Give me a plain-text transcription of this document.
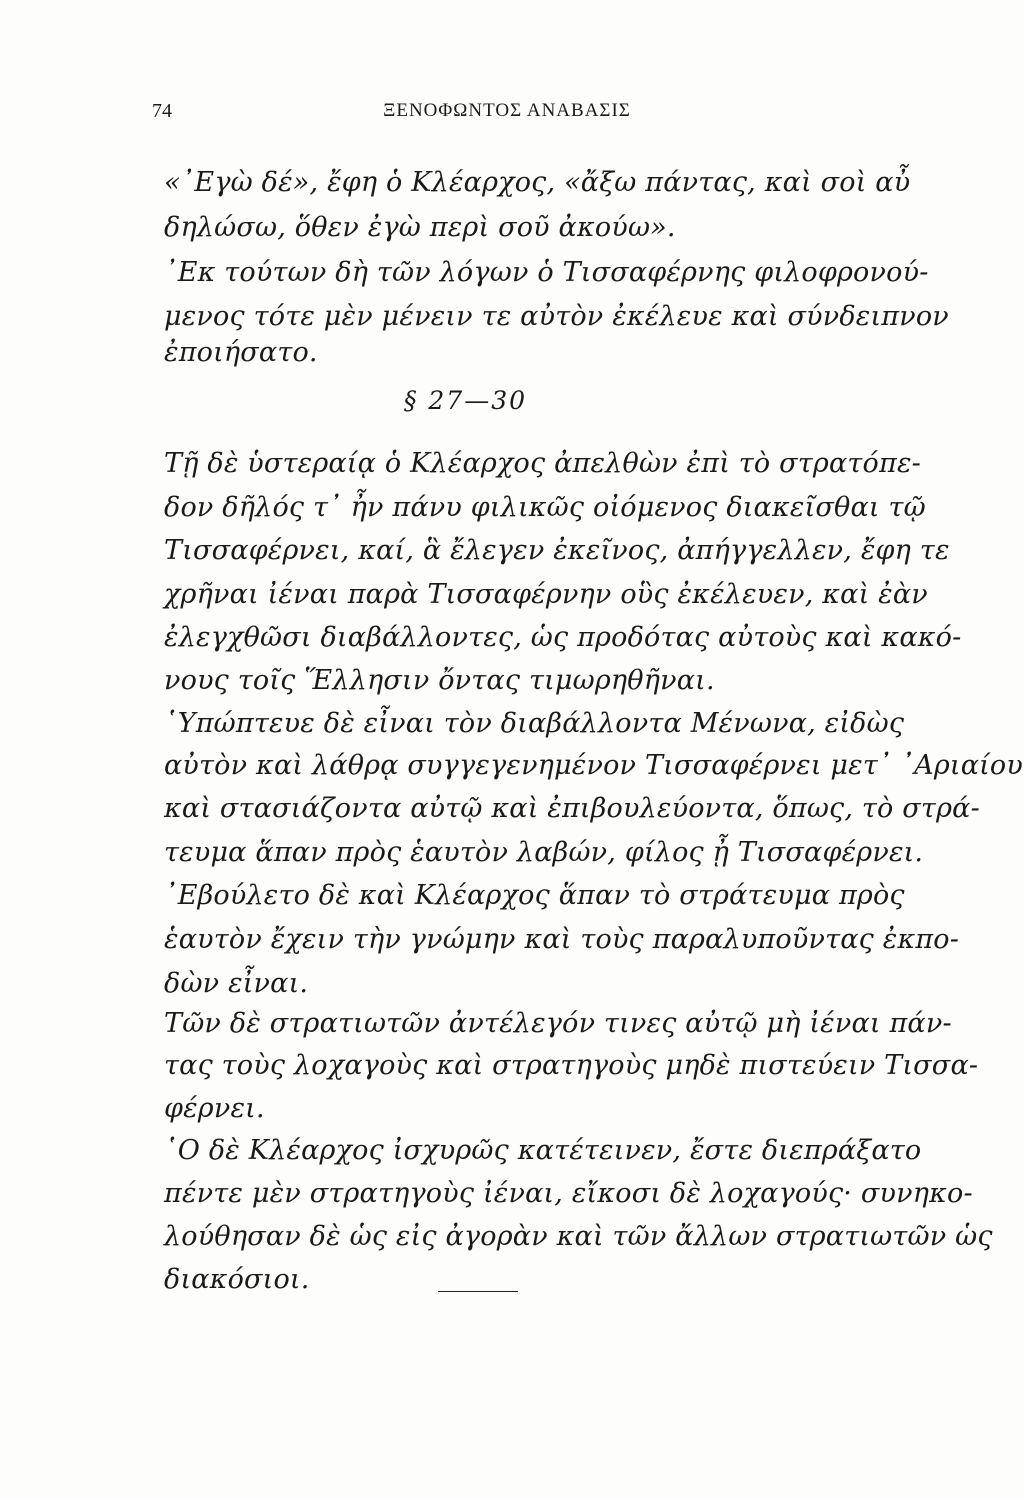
74	ΞΕΝΟΦΩΝΤΟΣ ΑΝΑΒΑΣΙΣ
«᾿Εγὼ δέ», ἔφη ὁ Κλέαρχος, «ἄξω πάντας, καὶ σοὶ αὖ
δηλώσω, ὅθεν ἐγὼ περὶ σοῦ ἀκούω».
᾿Εκ τούτων δὴ τῶν λόγων ὁ Τισσαφέρνης φιλοφρονού-
μενος τότε μὲν μένειν τε αὐτὸν ἐκέλευε καὶ σύνδειπνον
ἐποιήσατο.
§ 27—30
Τῇ δὲ ὑστεραίᾳ ὁ Κλέαρχος ἀπελθὼν ἐπὶ τὸ στρατόπε-
δον δῆλός τ᾿ ἦν πάνυ φιλικῶς οἰόμενος διακεῖσθαι τῷ
Τισσαφέρνει, καί, ἃ ἔλεγεν ἐκεῖνος, ἀπήγγελλεν, ἔφη τε
χρῆναι ἰέναι παρὰ Τισσαφέρνην οὓς ἐκέλευεν, καὶ ἐὰν
ἐλεγχθῶσι διαβάλλοντες, ὡς προδότας αὐτοὺς καὶ κακό-
νους τοῖς Ἕλλησιν ὄντας τιμωρηθῆναι.
῾Υπώπτευε δὲ εἶναι τὸν διαβάλλοντα Μένωνα, εἰδὼς
αὐτὸν καὶ λάθρᾳ συγγεγενημένον Τισσαφέρνει μετ᾿ ᾿Αριαίου
καὶ στασιάζοντα αὐτῷ καὶ ἐπιβουλεύοντα, ὅπως, τὸ στρά-
τευμα ἅπαν πρὸς ἑαυτὸν λαβών, φίλος ᾖ Τισσαφέρνει.
᾿Εβούλετο δὲ καὶ Κλέαρχος ἅπαν τὸ στράτευμα πρὸς
ἑαυτὸν ἔχειν τὴν γνώμην καὶ τοὺς παραλυποῦντας ἐκπο-
δὼν εἶναι.
Τῶν δὲ στρατιωτῶν ἀντέλεγόν τινες αὐτῷ μὴ ἰέναι πάν-
τας τοὺς λοχαγοὺς καὶ στρατηγοὺς μηδὲ πιστεύειν Τισσα-
φέρνει.
῾Ο δὲ Κλέαρχος ἰσχυρῶς κατέτεινεν, ἔστε διεπράξατο
πέντε μὲν στρατηγοὺς ἰέναι, εἴκοσι δὲ λοχαγούς· συνηκο-
λούθησαν δὲ ὡς εἰς ἀγορὰν καὶ τῶν ἄλλων στρατιωτῶν ὡς
διακόσιοι.
